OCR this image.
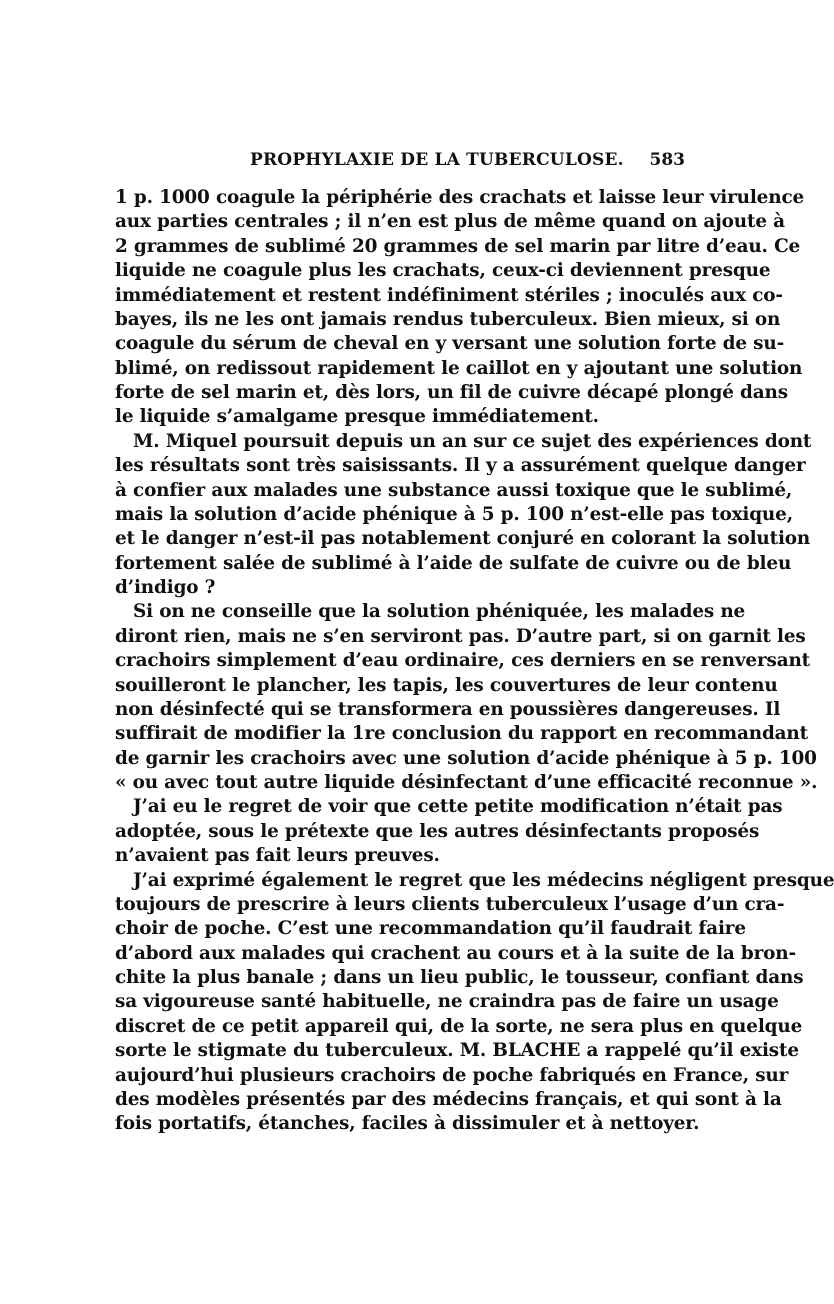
PROPHYLAXIE DE LA TUBERCULOSE. 583
1 p. 1000 coagule la périphérie des crachats et laisse leur virulence
aux parties centrales ; il n’en est plus de même quand on ajoute à
2 grammes de sublimé 20 grammes de sel marin par litre d’eau. Ce
liquide ne coagule plus les crachats, ceux-ci deviennent presque
immédiatement et restent indéfiniment stériles ; inoculés aux co-
bayes, ils ne les ont jamais rendus tuberculeux. Bien mieux, si on
coagule du sérum de cheval en y versant une solution forte de su-
blimé, on redissout rapidement le caillot en y ajoutant une solution
forte de sel marin et, dès lors, un fil de cuivre décapé plongé dans
le liquide s’amalgame presque immédiatement.
M. Miquel poursuit depuis un an sur ce sujet des expériences dont
les résultats sont très saisissants. Il y a assurément quelque danger
à confier aux malades une substance aussi toxique que le sublimé,
mais la solution d’acide phénique à 5 p. 100 n’est-elle pas toxique,
et le danger n’est-il pas notablement conjuré en colorant la solution
fortement salée de sublimé à l’aide de sulfate de cuivre ou de bleu
d’indigo ?
Si on ne conseille que la solution phéniquée, les malades ne
diront rien, mais ne s’en serviront pas. D’autre part, si on garnit les
crachoirs simplement d’eau ordinaire, ces derniers en se renversant
souilleront le plancher, les tapis, les couvertures de leur contenu
non désinfecté qui se transformera en poussières dangereuses. Il
suffirait de modifier la 1re conclusion du rapport en recommandant
de garnir les crachoirs avec une solution d’acide phénique à 5 p. 100
« ou avec tout autre liquide désinfectant d’une efficacité reconnue ».
J’ai eu le regret de voir que cette petite modification n’était pas
adoptée, sous le prétexte que les autres désinfectants proposés
n’avaient pas fait leurs preuves.
J’ai exprimé également le regret que les médecins négligent presque
toujours de prescrire à leurs clients tuberculeux l’usage d’un cra-
choir de poche. C’est une recommandation qu’il faudrait faire
d’abord aux malades qui crachent au cours et à la suite de la bron-
chite la plus banale ; dans un lieu public, le tousseur, confiant dans
sa vigoureuse santé habituelle, ne craindra pas de faire un usage
discret de ce petit appareil qui, de la sorte, ne sera plus en quelque
sorte le stigmate du tuberculeux. M. BLACHE a rappelé qu’il existe
aujourd’hui plusieurs crachoirs de poche fabriqués en France, sur
des modèles présentés par des médecins français, et qui sont à la
fois portatifs, étanches, faciles à dissimuler et à nettoyer.
